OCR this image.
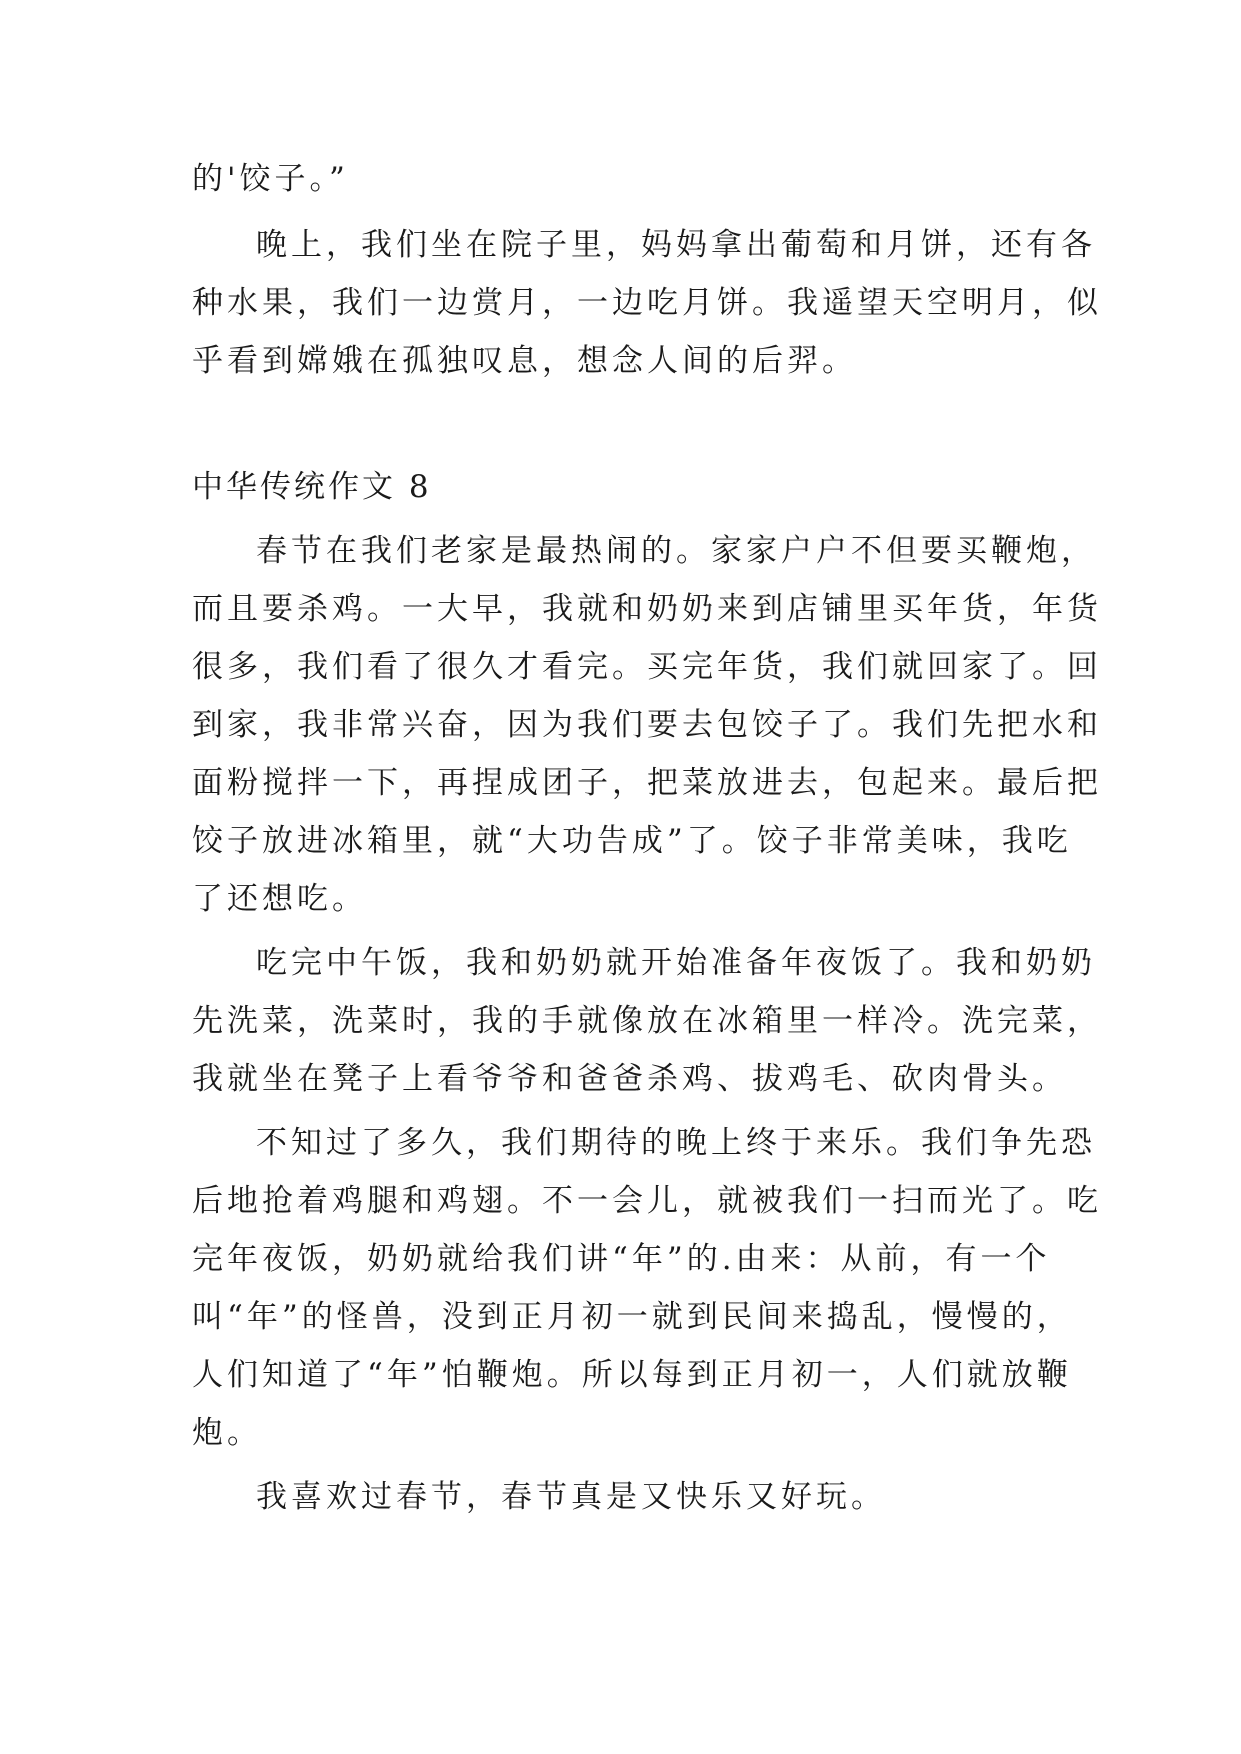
的'饺子。”
晚上，我们坐在院子里，妈妈拿出葡萄和月饼，还有各
种水果，我们一边赏月，一边吃月饼。我遥望天空明月，似
乎看到嫦娥在孤独叹息，想念人间的后羿。
中华传统作文 8
春节在我们老家是最热闹的。家家户户不但要买鞭炮，
而且要杀鸡。一大早，我就和奶奶来到店铺里买年货，年货
很多，我们看了很久才看完。买完年货，我们就回家了。回
到家，我非常兴奋，因为我们要去包饺子了。我们先把水和
面粉搅拌一下，再捏成团子，把菜放进去，包起来。最后把
饺子放进冰箱里，就“大功告成”了。饺子非常美味，我吃
了还想吃。
吃完中午饭，我和奶奶就开始准备年夜饭了。我和奶奶
先洗菜，洗菜时，我的手就像放在冰箱里一样冷。洗完菜，
我就坐在凳子上看爷爷和爸爸杀鸡、拔鸡毛、砍肉骨头。
不知过了多久，我们期待的晚上终于来乐。我们争先恐
后地抢着鸡腿和鸡翅。不一会儿，就被我们一扫而光了。吃
完年夜饭，奶奶就给我们讲“年”的.由来：从前，有一个
叫“年”的怪兽，没到正月初一就到民间来捣乱，慢慢的，
人们知道了“年”怕鞭炮。所以每到正月初一，人们就放鞭
炮。
我喜欢过春节，春节真是又快乐又好玩。
